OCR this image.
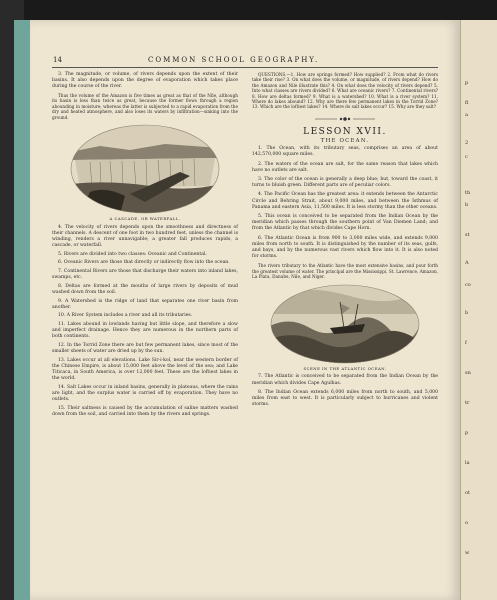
14	COMMON SCHOOL GEOGRAPHY.

3. The magnitude, or volume, of rivers depends upon the extent of their basins. It also depends upon the degree of evaporation which takes place during the course of the river.

Thus the volume of the Amazon is five times as great as that of the Nile, although its basin is less than twice as great, because the former flows through a region abounding in moisture; whereas the latter is subjected to a rapid evaporation from the dry and heated atmosphere, and also loses its waters by infiltration—sinking into the ground.

A CASCADE, OR WATERFALL.

4. The velocity of rivers depends upon the smoothness and directness of their channels. A descent of one foot in two hundred feet, unless the channel is winding, renders a river unnavigable; a greater fall produces rapids, a cascade, or waterfall.

5. Rivers are divided into two classes: Oceanic and Continental.

6. Oceanic Rivers are those that directly or indirectly flow into the ocean.

7. Continental Rivers are those that discharge their waters into inland lakes, swamps, etc.

8. Deltas are formed at the mouths of large rivers by deposits of mud washed down from the soil.

9. A Watershed is the ridge of land that separates one river basin from another.

10. A River System includes a river and all its tributaries.

11. Lakes abound in lowlands having but little slope, and therefore a slow and imperfect drainage. Hence they are numerous in the northern parts of both continents.

12. In the Torrid Zone there are but few permanent lakes, since most of the smaller sheets of water are dried up by the sun.

13. Lakes occur at all elevations. Lake Sir-i-kol, near the western border of the Chinese Empire, is about 15,000 feet above the level of the sea; and Lake Titicaca, in South America, is over 12,000 feet. These are the loftiest lakes in the world.

14. Salt Lakes occur in inland basins, generally in plateaus, where the rains are light, and the surplus water is carried off by evaporation. They have no outlets.

15. Their saltness is caused by the accumulation of saline matters washed down from the soil, and carried into them by the rivers and springs.

QUESTIONS.—1. How are springs formed? How supplied? 2. From what do rivers take their rise? 3. On what does the volume, or magnitude, of rivers depend? How do the Amazon and Nile illustrate this? 4. On what does the velocity of rivers depend? 5. Into what classes are rivers divided? 6. What are oceanic rivers? 7. Continental rivers? 8. How are deltas formed? 9. What is a watershed? 10. What is a river system? 11. Where do lakes abound? 12. Why are there few permanent lakes in the Torrid Zone? 13. Which are the loftiest lakes? 14. Where do salt lakes occur? 15. Why are they salt?

LESSON XVII.

THE OCEAN.

1. The Ocean, with its tributary seas, comprises an area of about 142,570,000 square miles.

2. The waters of the ocean are salt, for the same reason that lakes which have no outlets are salt.

3. The color of the ocean is generally a deep blue; but, toward the coast, it turns to bluish green. Different parts are of peculiar colors.

4. The Pacific Ocean has the greatest area: it extends between the Antarctic Circle and Behring Strait, about 9,000 miles, and between the Isthmus of Panama and eastern Asia, 11,500 miles. It is less stormy than the other oceans.

5. This ocean is conceived to be separated from the Indian Ocean by the meridian which passes through the southern point of Van Diemen Land; and from the Atlantic by that which divides Cape Horn.

6. The Atlantic Ocean is from 900 to 3,000 miles wide, and extends 9,000 miles from north to south. It is distinguished by the number of its seas, gulfs, and bays, and by the numerous vast rivers which flow into it. It is also noted for storms.

The rivers tributary to the Atlantic have the most extensive basins, and pour forth the greatest volume of water. The principal are the Mississippi, St. Lawrence, Amazon, La Plata, Danube, Nile, and Niger.

SCENE IN THE ATLANTIC OCEAN.

7. The Atlantic is conceived to be separated from the Indian Ocean by the meridian which divides Cape Agulhas.

8. The Indian Ocean extends 6,000 miles from north to south, and 5,000 miles from east to west. It is particularly subject to hurricanes and violent storms.

p
fl
a
2
c
th
b
st
A
co
b
f
sn
tr
p
la
ot
o
w
